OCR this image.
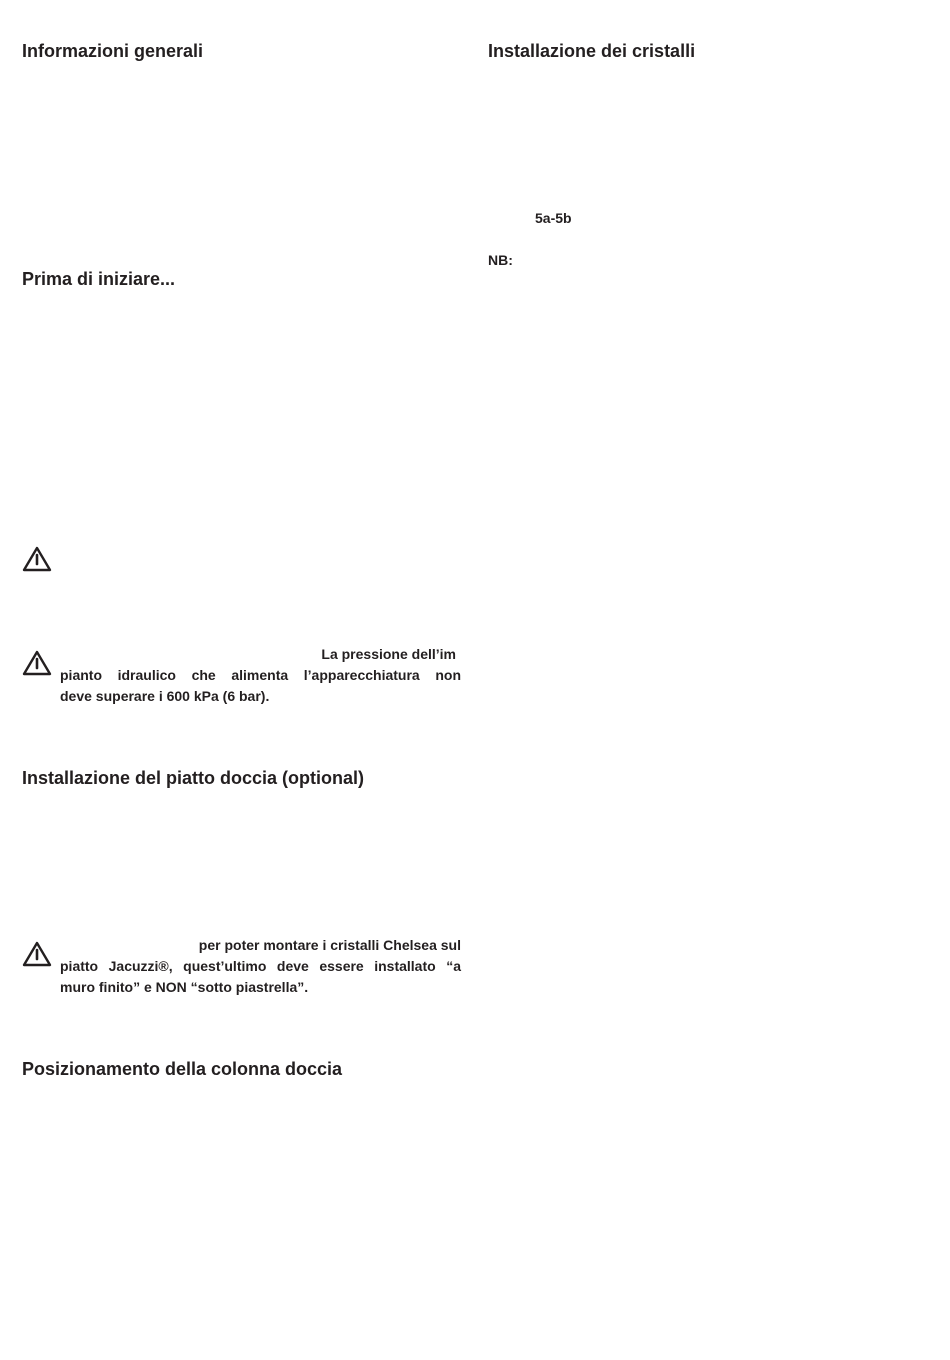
Informazioni generali
Prima di iniziare...

La pressione dell’im
pianto idraulico che alimenta l’apparecchiatura non
deve superare i 600 kPa (6 bar).

Installazione del piatto doccia (optional)

per poter montare i cristalli Chelsea sul
piatto Jacuzzi®, quest’ultimo deve essere installato “a
muro finito” e NON “sotto piastrella”.

Posizionamento della colonna doccia
Installazione dei cristalli
5a-5b
NB:
